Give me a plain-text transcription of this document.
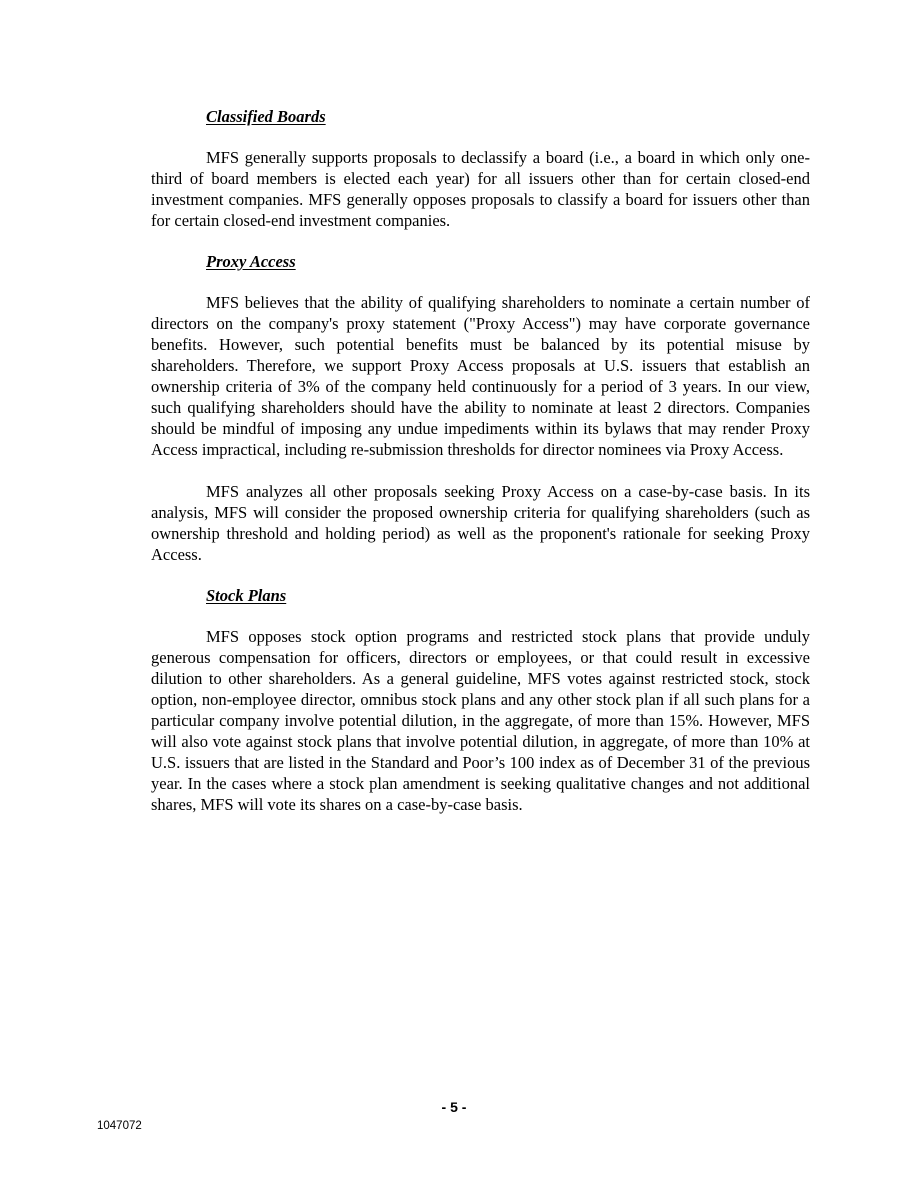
Classified Boards

MFS generally supports proposals to declassify a board (i.e., a board in which only one-third of board members is elected each year) for all issuers other than for certain closed-end investment companies. MFS generally opposes proposals to classify a board for issuers other than for certain closed-end investment companies.

Proxy Access

MFS believes that the ability of qualifying shareholders to nominate a certain number of directors on the company's proxy statement ("Proxy Access") may have corporate governance benefits. However, such potential benefits must be balanced by its potential misuse by shareholders. Therefore, we support Proxy Access proposals at U.S. issuers that establish an ownership criteria of 3% of the company held continuously for a period of 3 years. In our view, such qualifying shareholders should have the ability to nominate at least 2 directors. Companies should be mindful of imposing any undue impediments within its bylaws that may render Proxy Access impractical, including re-submission thresholds for director nominees via Proxy Access.

MFS analyzes all other proposals seeking Proxy Access on a case-by-case basis. In its analysis, MFS will consider the proposed ownership criteria for qualifying shareholders (such as ownership threshold and holding period) as well as the proponent's rationale for seeking Proxy Access.

Stock Plans

MFS opposes stock option programs and restricted stock plans that provide unduly generous compensation for officers, directors or employees, or that could result in excessive dilution to other shareholders. As a general guideline, MFS votes against restricted stock, stock option, non-employee director, omnibus stock plans and any other stock plan if all such plans for a particular company involve potential dilution, in the aggregate, of more than 15%. However, MFS will also vote against stock plans that involve potential dilution, in aggregate, of more than 10% at U.S. issuers that are listed in the Standard and Poor’s 100 index as of December 31 of the previous year. In the cases where a stock plan amendment is seeking qualitative changes and not additional shares, MFS will vote its shares on a case-by-case basis.

- 5 -
1047072
